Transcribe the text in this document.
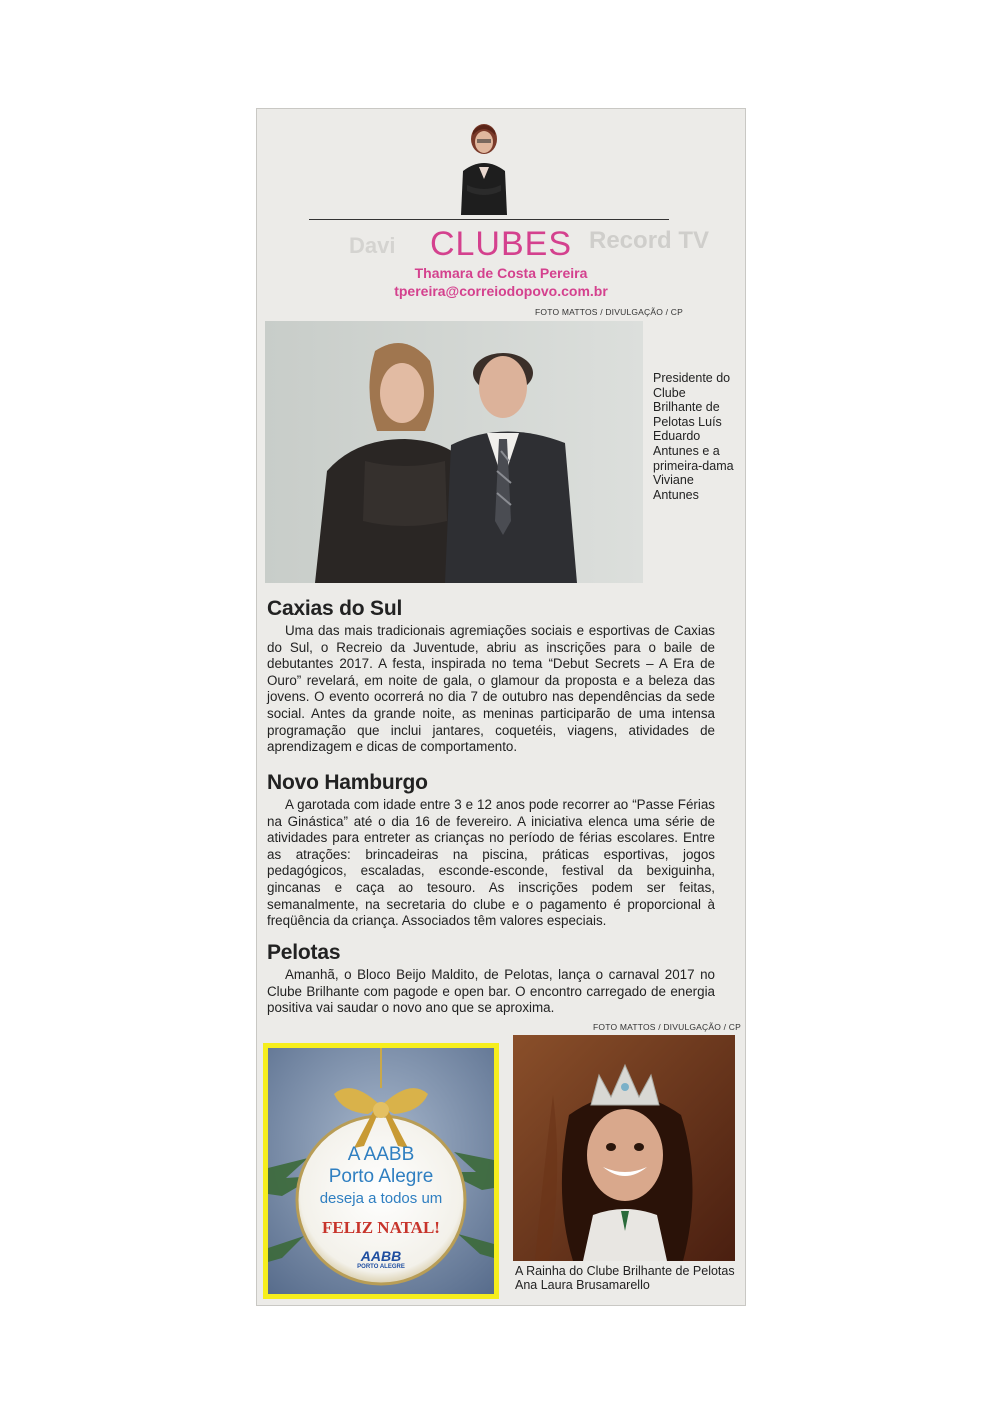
Record TV
Davi	CLUBES
Thamara de Costa Pereira
tpereira@correiodopovo.com.br
FOTO MATTOS / DIVULGAÇÃO / CP
Presidente do Clube Brilhante de Pelotas Luís Eduardo Antunes e a primeira-dama Viviane Antunes
Caxias do Sul

Uma das mais tradicionais agremiações sociais e esportivas de Caxias do Sul, o Recreio da Juventude, abriu as inscrições para o baile de debutantes 2017. A festa, inspirada no tema “Debut Secrets – A Era de Ouro” revelará, em noite de gala, o glamour da proposta e a beleza das jovens. O evento ocorrerá no dia 7 de outubro nas dependências da sede social. Antes da grande noite, as meninas participarão de uma intensa programação que inclui jantares, coquetéis, viagens, atividades de aprendizagem e dicas de comportamento.

Novo Hamburgo

A garotada com idade entre 3 e 12 anos pode recorrer ao “Passe Férias na Ginástica” até o dia 16 de fevereiro. A iniciativa elenca uma série de atividades para entreter as crianças no período de férias escolares. Entre as atrações: brincadeiras na piscina, práticas esportivas, jogos pedagógicos, escaladas, esconde-esconde, festival da bexiguinha, gincanas e caça ao tesouro. As inscrições podem ser feitas, semanalmente, na secretaria do clube e o pagamento é proporcional à freqüência da criança. Associados têm valores especiais.

Pelotas

Amanhã, o Bloco Beijo Maldito, de Pelotas, lança o carnaval 2017 no Clube Brilhante com pagode e open bar. O encontro carregado de energia positiva vai saudar o novo ano que se aproxima.

FOTO MATTOS / DIVULGAÇÃO / CP
A AABB
Porto Alegre
deseja a todos um
FELIZ NATAL!
AABB
PORTO ALEGRE	A Rainha do Clube Brilhante de Pelotas Ana Laura Brusamarello
